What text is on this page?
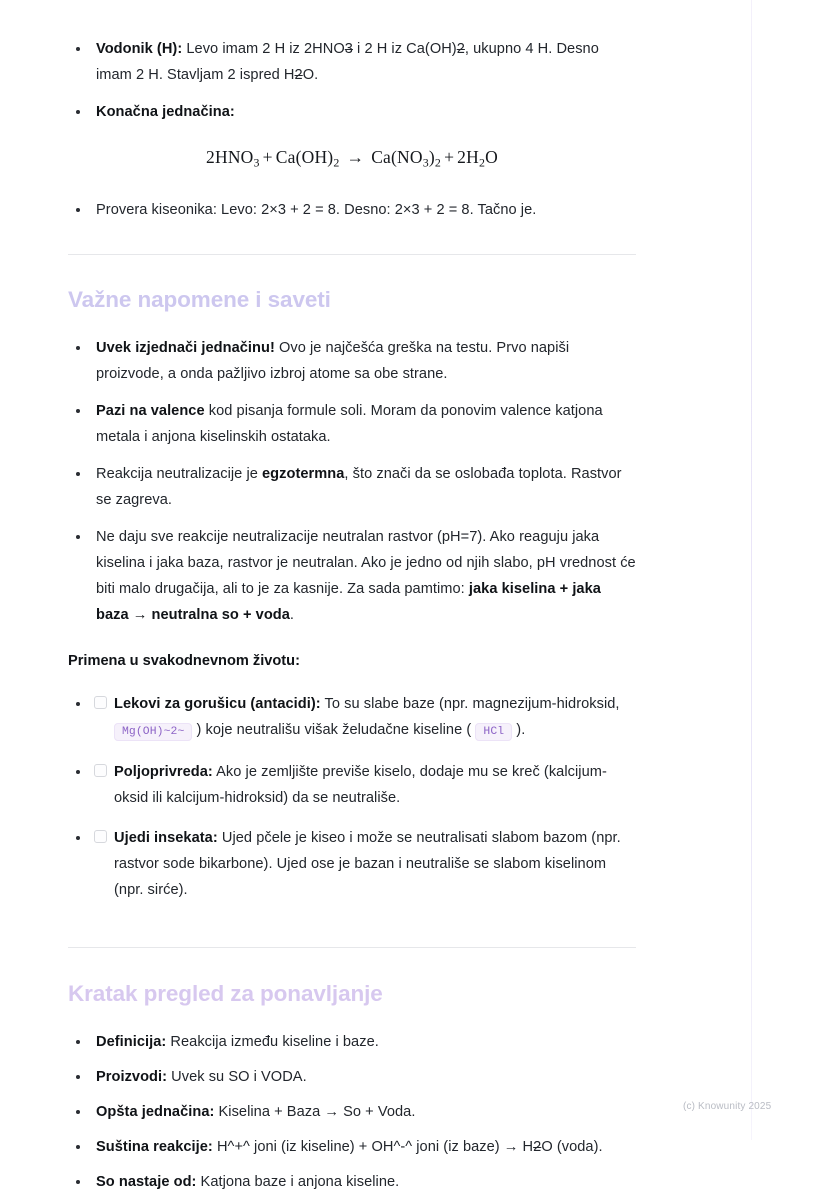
Vodonik (H): Levo imam 2 H iz 2HNO3 i 2 H iz Ca(OH)2, ukupno 4 H. Desno imam 2 H. Stavljam 2 ispred H2O.
Konačna jednačina:
$2HNO_3 + Ca(OH)_2 \to Ca(NO_3)_2 + 2H_2O$
Provera kiseonika: Levo: 2×3 + 2 = 8. Desno: 2×3 + 2 = 8. Tačno je.
Važne napomene i saveti
Uvek izjednači jednačinu! Ovo je najčešća greška na testu. Prvo napiši proizvode, a onda pažljivo izbroj atome sa obe strane.
Pazi na valence kod pisanja formule soli. Moram da ponovim valence katjona metala i anjona kiselinskih ostataka.
Reakcija neutralizacije je egzotermna, što znači da se oslobađa toplota. Rastvor se zagreva.
Ne daju sve reakcije neutralizacije neutralan rastvor (pH=7). Ako reaguju jaka kiselina i jaka baza, rastvor je neutralan. Ako je jedno od njih slabo, pH vrednost će biti malo drugačija, ali to je za kasnije. Za sada pamtimo: jaka kiselina + jaka baza → neutralna so + voda.
Primena u svakodnevnom životu:
Lekovi za gorušicu (antacidi): To su slabe baze (npr. magnezijum-hidroksid, Mg(OH)~2~ ) koje neutrališu višak želudačne kiseline ( HCl ).
Poljoprivreda: Ako je zemljište previše kiselo, dodaje mu se kreč (kalcijum-oksid ili kalcijum-hidroksid) da se neutrališe.
Ujedi insekata: Ujed pčele je kiseo i može se neutralisati slabom bazom (npr. rastvor sode bikarbone). Ujed ose je bazan i neutrališe se slabom kiselinom (npr. sirće).
Kratak pregled za ponavljanje
Definicija: Reakcija između kiseline i baze.
Proizvodi: Uvek su SO i VODA.
Opšta jednačina: Kiselina + Baza → So + Voda.
Suština reakcije: H^+^ joni (iz kiseline) + OH^-^ joni (iz baze) → H2O (voda).
So nastaje od: Katjona baze i anjona kiseline.
(c) Knowunity 2025
